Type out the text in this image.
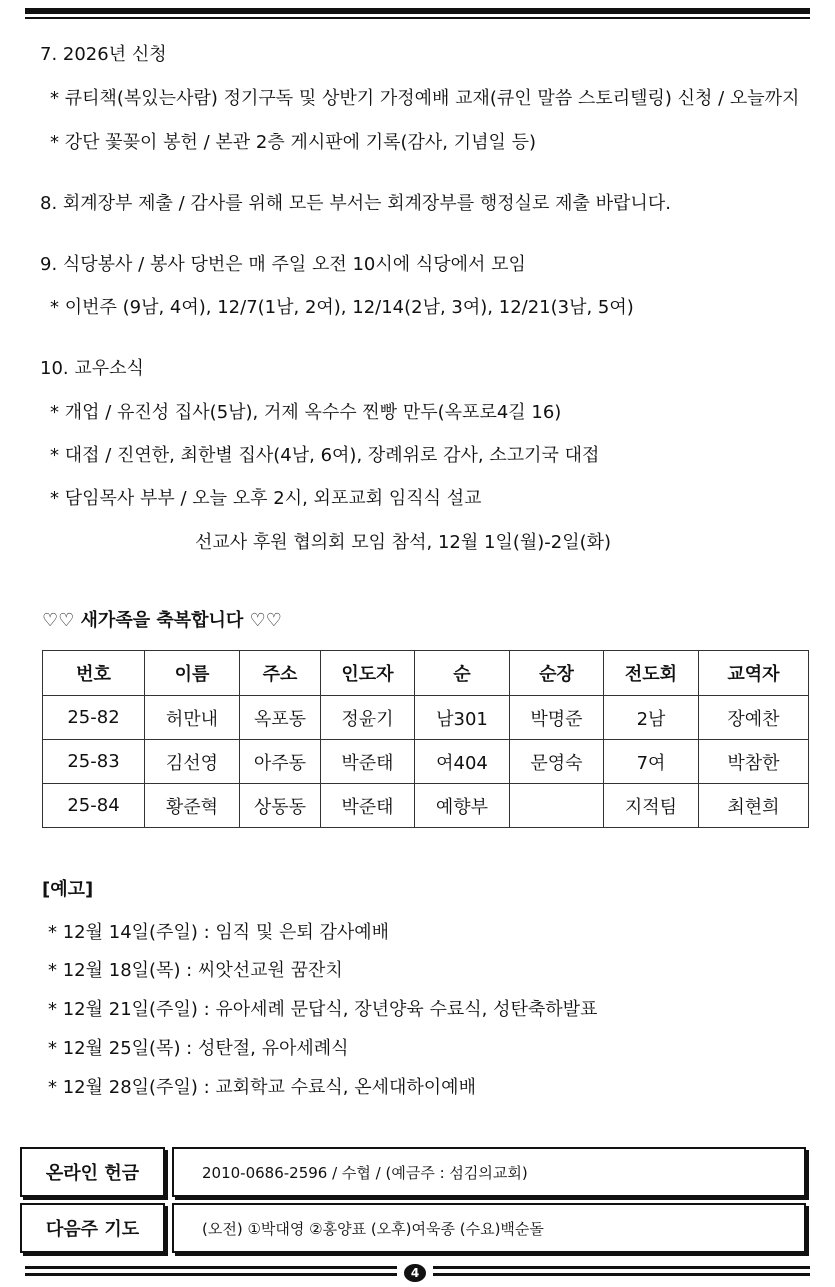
7. 2026년 신청
* 큐티책(복있는사람) 정기구독 및 상반기 가정예배 교재(큐인 말씀 스토리텔링) 신청 / 오늘까지
* 강단 꽃꽂이 봉헌 / 본관 2층 게시판에 기록(감사, 기념일 등)
8. 회계장부 제출 / 감사를 위해 모든 부서는 회계장부를 행정실로 제출 바랍니다.
9. 식당봉사 / 봉사 당번은 매 주일 오전 10시에 식당에서 모임
* 이번주 (9남, 4여), 12/7(1남, 2여), 12/14(2남, 3여), 12/21(3남, 5여)
10. 교우소식
* 개업 / 유진성 집사(5남), 거제 옥수수 찐빵 만두(옥포로4길 16)
* 대접 / 진연한, 최한별 집사(4남, 6여), 장례위로 감사, 소고기국 대접
* 담임목사 부부 / 오늘 오후 2시, 외포교회 임직식 설교
선교사 후원 협의회 모임 참석, 12월 1일(월)-2일(화)
♡♡ 새가족을 축복합니다 ♡♡
번호	이름	주소	인도자	순	순장	전도회	교역자
25-82	허만내	옥포동	정윤기	남301	박명준	2남	장예찬
25-83	김선영	아주동	박준태	여404	문영숙	7여	박참한
25-84	황준혁	상동동	박준태	예향부		지적팀	최현희
[예고]
* 12월 14일(주일) : 임직 및 은퇴 감사예배
* 12월 18일(목) : 씨앗선교원 꿈잔치
* 12월 21일(주일) : 유아세례 문답식, 장년양육 수료식, 성탄축하발표
* 12월 25일(목) : 성탄절, 유아세례식
* 12월 28일(주일) : 교회학교 수료식, 온세대하이예배
온라인 헌금	2010-0686-2596 / 수협 / (예금주 : 섬김의교회)
다음주 기도	(오전) ①박대영 ②홍양표 (오후)여욱종 (수요)백순돌
4
